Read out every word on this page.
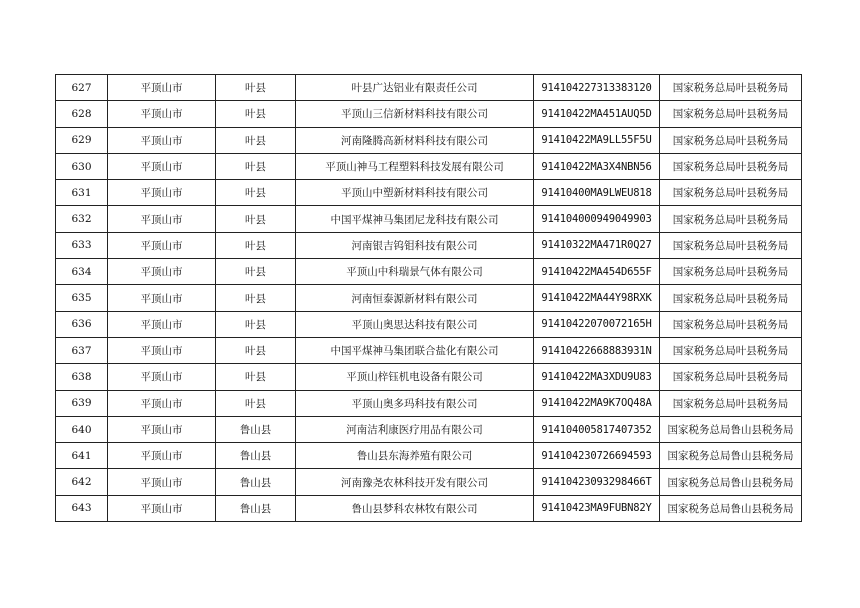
627	平顶山市	叶县	叶县广达铝业有限责任公司	914104227313383120	国家税务总局叶县税务局
628	平顶山市	叶县	平顶山三信新材料科技有限公司	91410422MA451AUQ5D	国家税务总局叶县税务局
629	平顶山市	叶县	河南隆腾高新材料科技有限公司	91410422MA9LL55F5U	国家税务总局叶县税务局
630	平顶山市	叶县	平顶山神马工程塑料科技发展有限公司	91410422MA3X4NBN56	国家税务总局叶县税务局
631	平顶山市	叶县	平顶山中塑新材料科技有限公司	91410400MA9LWEU818	国家税务总局叶县税务局
632	平顶山市	叶县	中国平煤神马集团尼龙科技有限公司	914104000949049903	国家税务总局叶县税务局
633	平顶山市	叶县	河南银吉钨钼科技有限公司	91410322MA471R0Q27	国家税务总局叶县税务局
634	平顶山市	叶县	平顶山中科瑞景气体有限公司	91410422MA454D655F	国家税务总局叶县税务局
635	平顶山市	叶县	河南恒泰源新材料有限公司	91410422MA44Y98RXK	国家税务总局叶县税务局
636	平顶山市	叶县	平顶山奥思达科技有限公司	91410422070072165H	国家税务总局叶县税务局
637	平顶山市	叶县	中国平煤神马集团联合盐化有限公司	91410422668883931N	国家税务总局叶县税务局
638	平顶山市	叶县	平顶山梓钰机电设备有限公司	91410422MA3XDU9U83	国家税务总局叶县税务局
639	平顶山市	叶县	平顶山奥多玛科技有限公司	91410422MA9K7OQ48A	国家税务总局叶县税务局
640	平顶山市	鲁山县	河南洁利康医疗用品有限公司	914104005817407352	国家税务总局鲁山县税务局
641	平顶山市	鲁山县	鲁山县东海养殖有限公司	914104230726694593	国家税务总局鲁山县税务局
642	平顶山市	鲁山县	河南豫尧农林科技开发有限公司	91410423093298466T	国家税务总局鲁山县税务局
643	平顶山市	鲁山县	鲁山县梦科农林牧有限公司	91410423MA9FUBN82Y	国家税务总局鲁山县税务局
